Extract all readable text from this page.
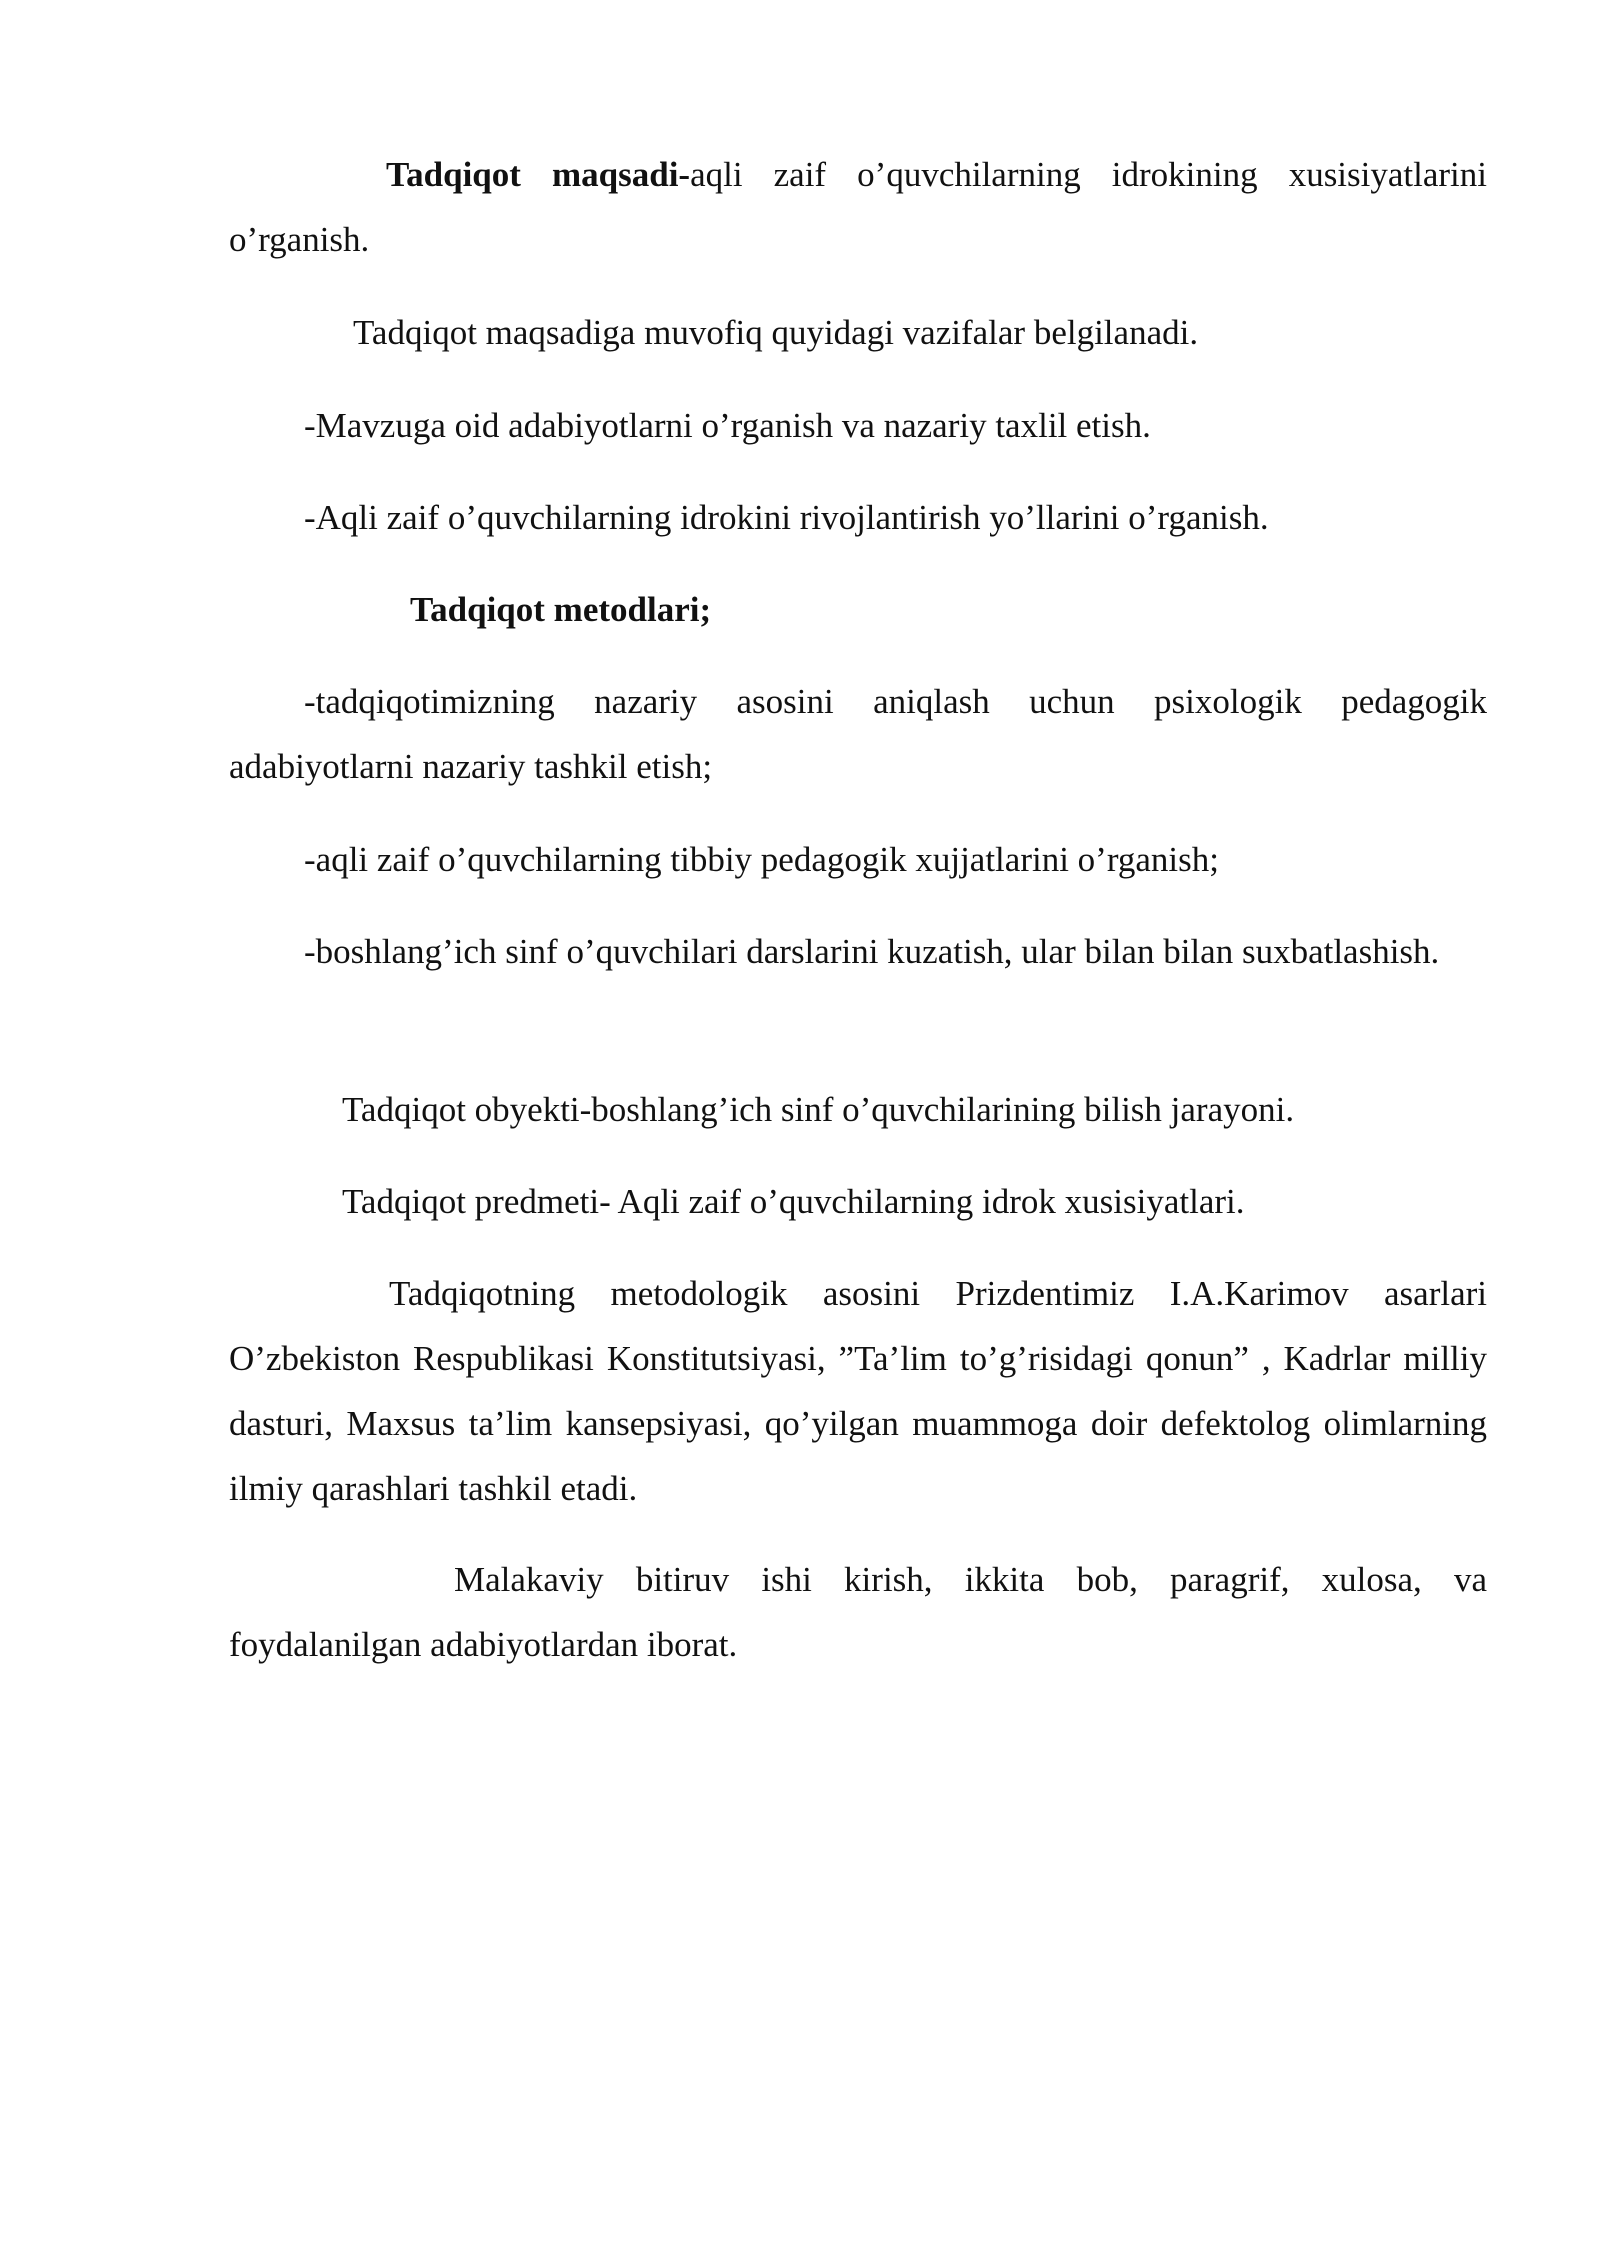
Tadqiqot maqsadi-aqli zaif o’quvchilarning idrokining xusisiyatlarini o’rganish.

Tadqiqot maqsadiga muvofiq quyidagi vazifalar belgilanadi.

-Mavzuga oid adabiyotlarni o’rganish va nazariy taxlil etish.

-Aqli zaif o’quvchilarning idrokini rivojlantirish yo’llarini o’rganish.

Tadqiqot metodlari;

-tadqiqotimizning nazariy asosini aniqlash uchun psixologik pedagogik adabiyotlarni nazariy tashkil etish;

-aqli zaif o’quvchilarning tibbiy pedagogik xujjatlarini o’rganish;

-boshlang’ich sinf o’quvchilari darslarini kuzatish, ular bilan bilan suxbatlashish.

Tadqiqot obyekti-boshlang’ich sinf o’quvchilarining bilish jarayoni.

Tadqiqot predmeti- Aqli zaif o’quvchilarning idrok xusisiyatlari.

Tadqiqotning metodologik asosini Prizdentimiz I.A.Karimov asarlari O’zbekiston Respublikasi Konstitutsiyasi, ”Ta’lim to’g’risidagi qonun” , Kadrlar milliy dasturi, Maxsus ta’lim kansepsiyasi, qo’yilgan muammoga doir defektolog olimlarning ilmiy qarashlari tashkil etadi.

Malakaviy bitiruv ishi kirish, ikkita bob, paragrif, xulosa, va foydalanilgan adabiyotlardan iborat.
